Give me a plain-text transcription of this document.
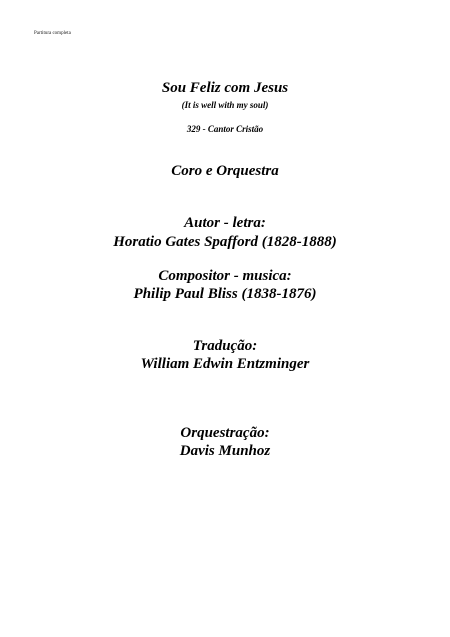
Partitura completa
Sou Feliz com Jesus
(It is well with my soul)
329 - Cantor Cristão
Coro e Orquestra
Autor - letra:
Horatio Gates Spafford (1828-1888)
Compositor - musica:
Philip Paul Bliss (1838-1876)
Tradução:
William Edwin Entzminger
Orquestração:
Davis Munhoz
